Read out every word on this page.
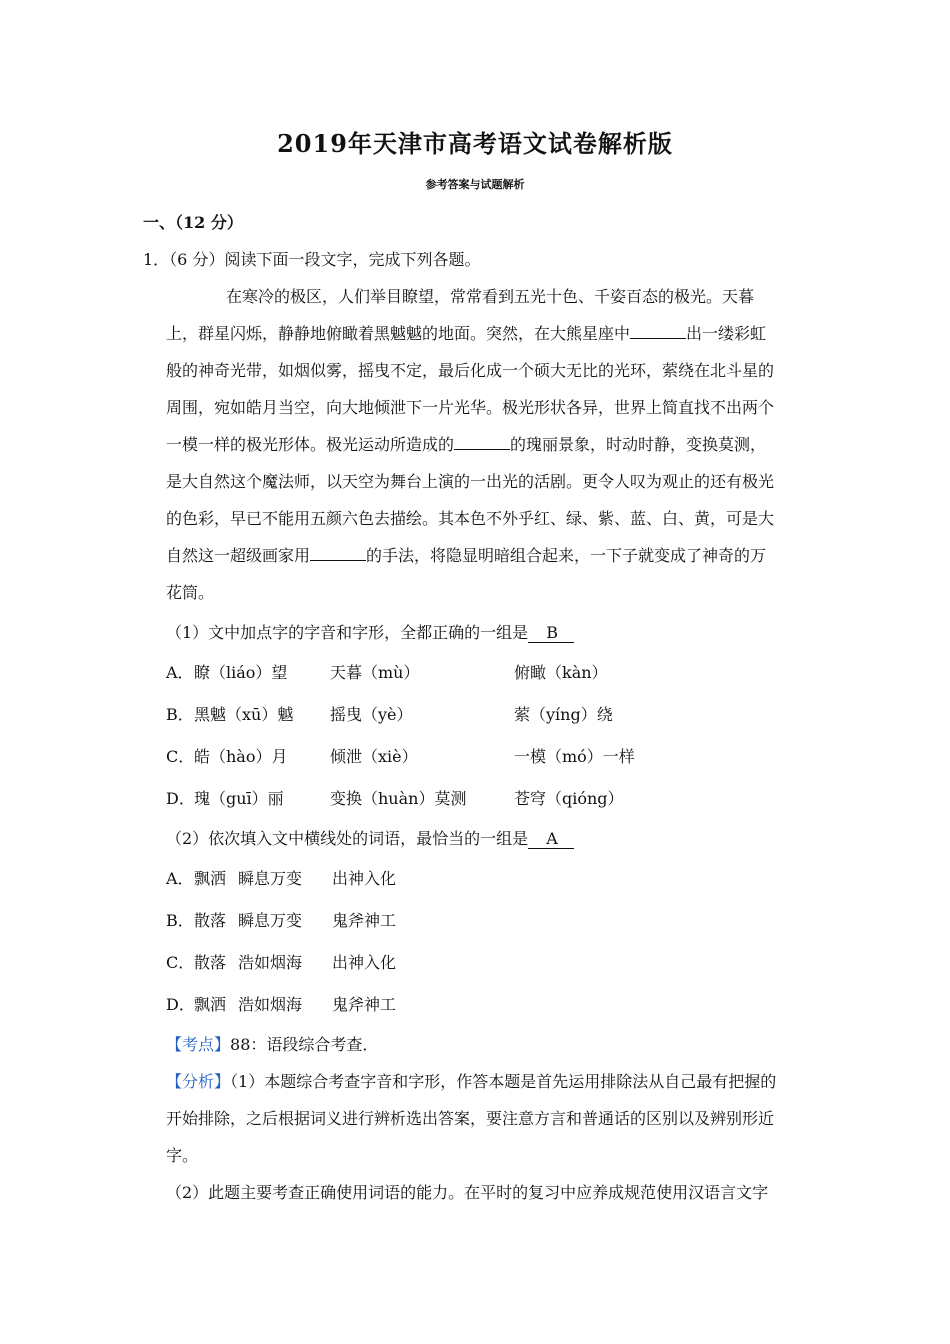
2019年天津市高考语文试卷解析版
参考答案与试题解析
一、（12 分）
1．（6 分）阅读下面一段文字，完成下列各题。
在寒冷的极区，人们举目瞭望，常常看到五光十色、千姿百态的极光。天暮
上，群星闪烁，静静地俯瞰着黑魆魆的地面。突然，在大熊星座中	出一缕彩虹
般的神奇光带，如烟似雾，摇曳不定，最后化成一个硕大无比的光环，萦绕在北斗星的
周围，宛如皓月当空，向大地倾泄下一片光华。极光形状各异，世界上简直找不出两个
一模一样的极光形体。极光运动所造成的	的瑰丽景象，时动时静，变换莫测，
是大自然这个魔法师，以天空为舞台上演的一出光的活剧。更令人叹为观止的还有极光
的色彩，早已不能用五颜六色去描绘。其本色不外乎红、绿、紫、蓝、白、黄，可是大
自然这一超级画家用	的手法，将隐显明暗组合起来，一下子就变成了神奇的万
花筒。
（1）文中加点字的字音和字形，全都正确的一组是 B
A． 瞭（liáo）望	天暮（mù）	俯瞰（kàn）
B． 黑魆（xū）魆 摇曳（yè）	萦（yíng）绕
C． 皓（hào）月	倾泄（xiè）	一模（mó）一样
D． 瑰（guī）丽	变换（huàn）莫测	苍穹（qióng）
（2）依次填入文中横线处的词语，最恰当的一组是 A
A． 飘洒 瞬息万变 出神入化
B． 散落 瞬息万变 鬼斧神工
C． 散落 浩如烟海 出神入化
D． 飘洒 浩如烟海 鬼斧神工
【考点】88：语段综合考查．
【分析】（1）本题综合考查字音和字形，作答本题是首先运用排除法从自己最有把握的
开始排除，之后根据词义进行辨析选出答案，要注意方言和普通话的区别以及辨别形近
字。
（2）此题主要考查正确使用词语的能力。在平时的复习中应养成规范使用汉语言文字
